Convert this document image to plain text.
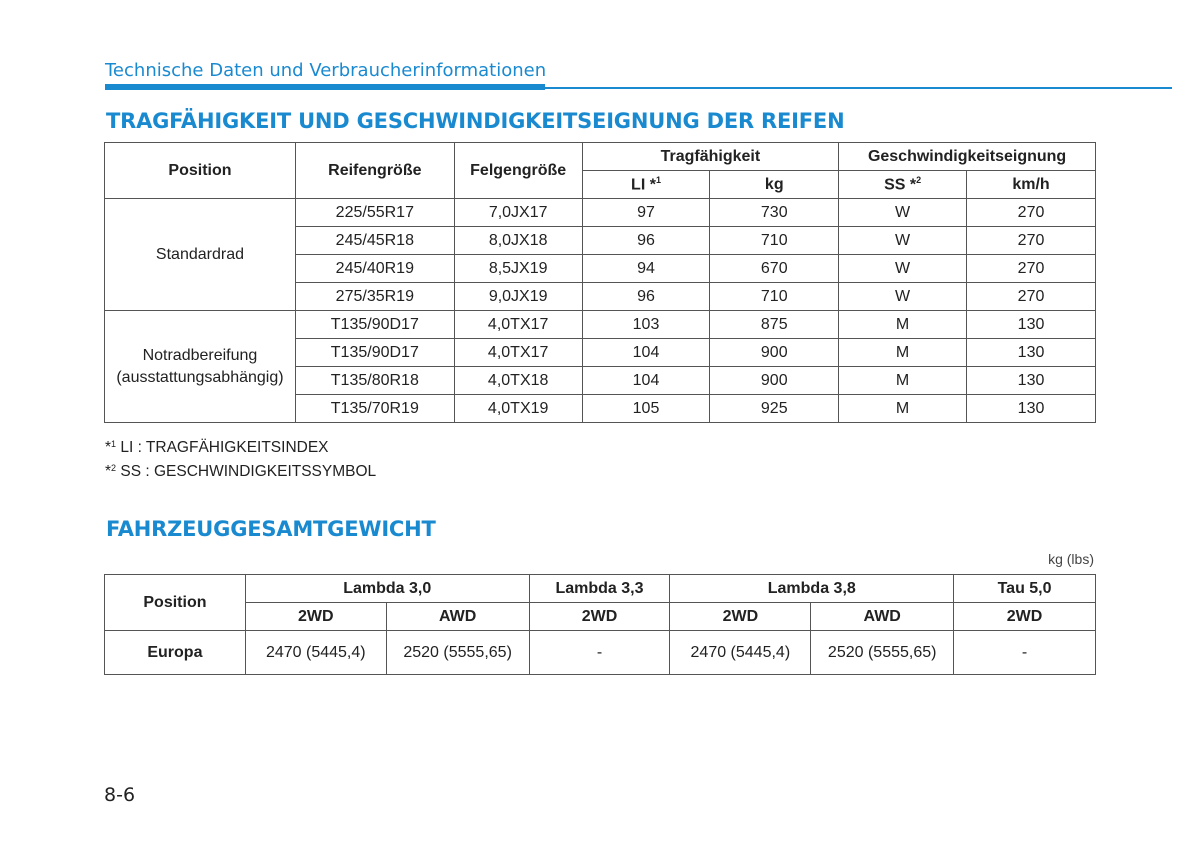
Technische Daten und Verbraucherinformationen
TRAGFÄHIGKEIT UND GESCHWINDIGKEITSEIGNUNG DER REIFEN
Position	Reifengröße	Felgengröße	Tragfähigkeit		Geschwindigkeitseignung	
			LI *$^1$	kg	SS *$^2$	km/h
Standardrad	225/55R17	7,0JX17	97	730	W	270
	245/45R18	8,0JX18	96	710	W	270
	245/40R19	8,5JX19	94	670	W	270
	275/35R19	9,0JX19	96	710	W	270
Notradbereifung
(ausstattungsabhängig)	T135/90D17	4,0TX17	103	875	M	130
	T135/90D17	4,0TX17	104	900	M	130
	T135/80R18	4,0TX18	104	900	M	130
	T135/70R19	4,0TX19	105	925	M	130
*$^1$ LI : TRAGFÄHIGKEITSINDEX
*$^2$ SS : GESCHWINDIGKEITSSYMBOL
FAHRZEUGGESAMTGEWICHT
kg (lbs)
Position	Lambda 3,0		Lambda 3,3	Lambda 3,8		Tau 5,0
	2WD	AWD	2WD	2WD	AWD	2WD
Europa	2470 (5445,4)	2520 (5555,65)	-	2470 (5445,4)	2520 (5555,65)	-
8-6
